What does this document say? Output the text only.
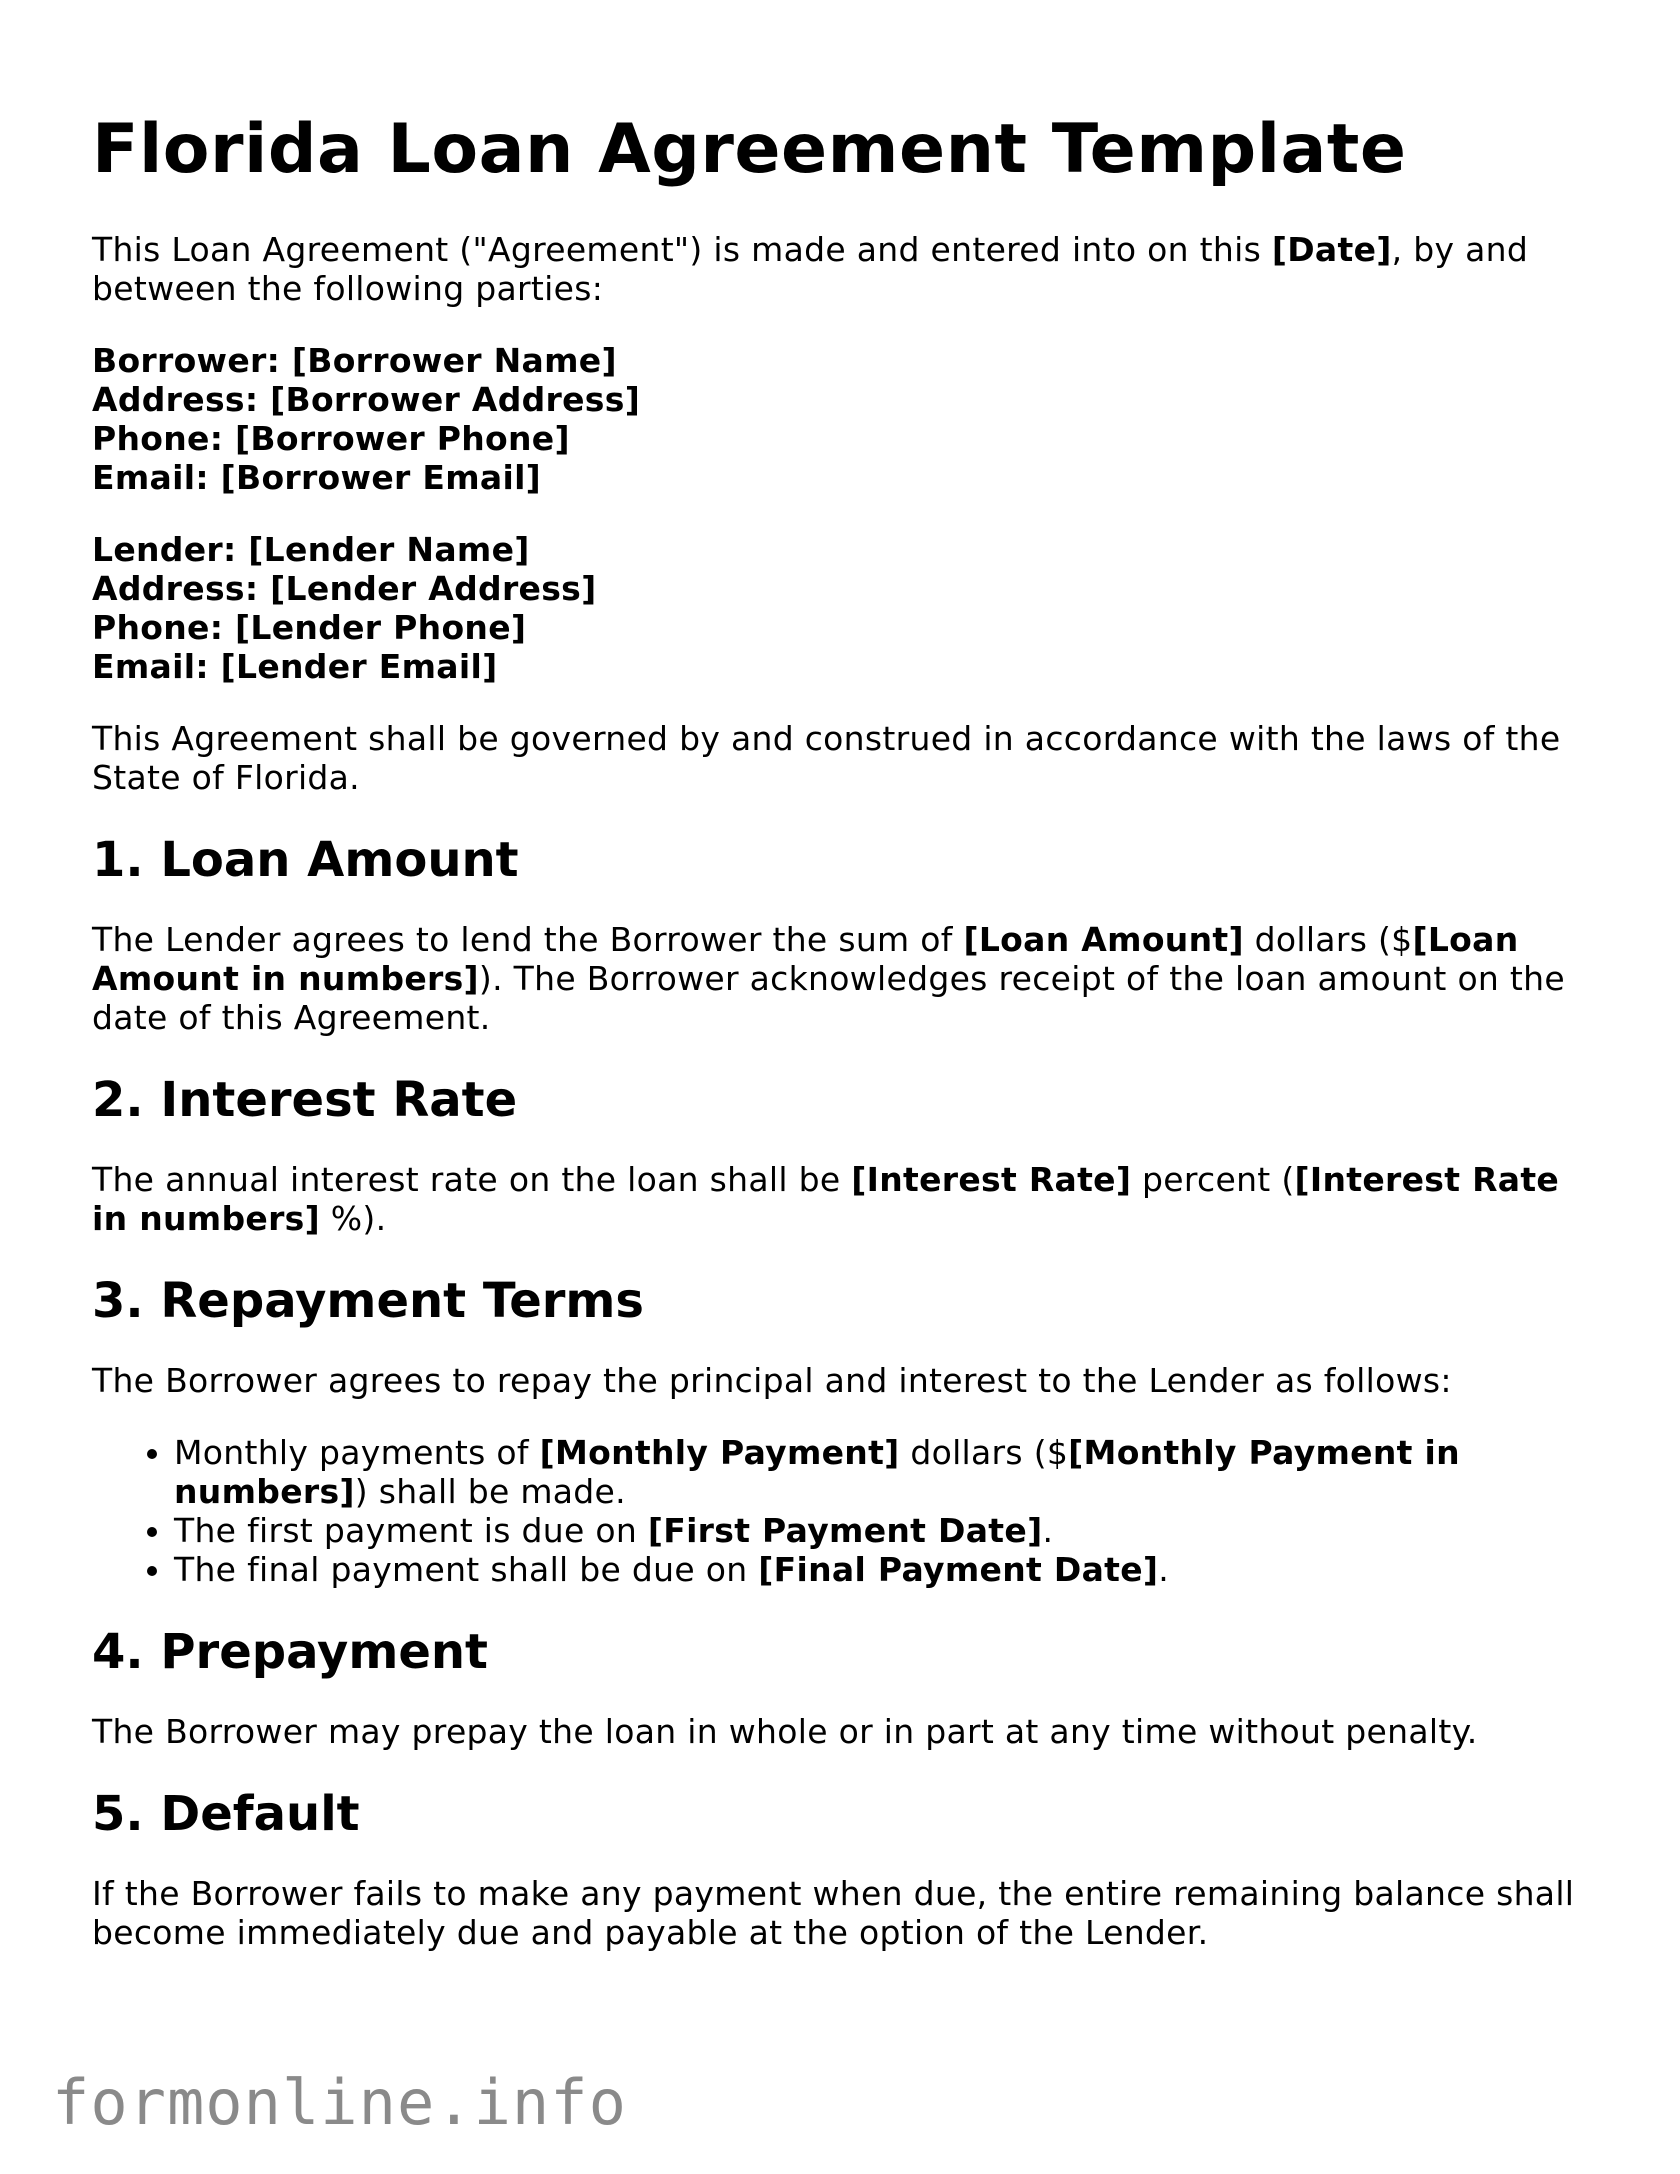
Florida Loan Agreement Template

This Loan Agreement ("Agreement") is made and entered into on this [Date], by and between the following parties:

Borrower: [Borrower Name]
Address: [Borrower Address]
Phone: [Borrower Phone]
Email: [Borrower Email]
Lender: [Lender Name]
Address: [Lender Address]
Phone: [Lender Phone]
Email: [Lender Email]

This Agreement shall be governed by and construed in accordance with the laws of the State of Florida.

1. Loan Amount

The Lender agrees to lend the Borrower the sum of [Loan Amount] dollars ($[Loan Amount in numbers]). The Borrower acknowledges receipt of the loan amount on the date of this Agreement.

2. Interest Rate

The annual interest rate on the loan shall be [Interest Rate] percent ([Interest Rate in numbers] %).

3. Repayment Terms

The Borrower agrees to repay the principal and interest to the Lender as follows:

• Monthly payments of [Monthly Payment] dollars ($[Monthly Payment in numbers]) shall be made.
• The first payment is due on [First Payment Date].
• The final payment shall be due on [Final Payment Date].
4. Prepayment

The Borrower may prepay the loan in whole or in part at any time without penalty.

5. Default

If the Borrower fails to make any payment when due, the entire remaining balance shall become immediately due and payable at the option of the Lender.

formonline.info
